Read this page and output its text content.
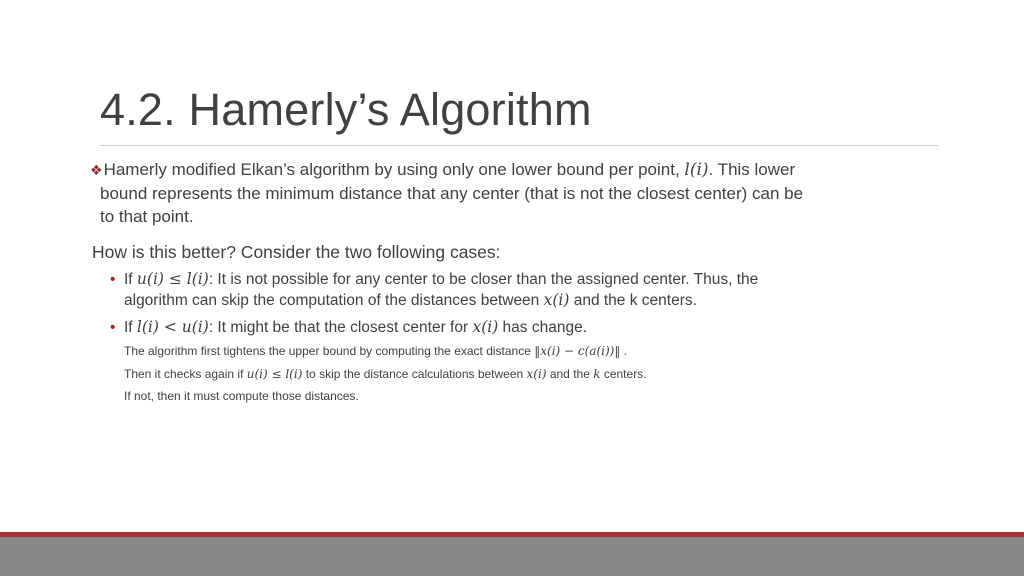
4.2. Hamerly’s Algorithm
❖Hamerly modified Elkan’s algorithm by using only one lower bound per point, l(i). This lower
bound represents the minimum distance that any center (that is not the closest center) can be
to that point.
How is this better? Consider the two following cases:
• If u(i) ≤ l(i): It is not possible for any center to be closer than the assigned center. Thus, the
algorithm can skip the computation of the distances between x(i) and the k centers.
• If l(i) < u(i): It might be that the closest center for x(i) has change.
The algorithm first tightens the upper bound by computing the exact distance ‖x(i) − c(a(i))‖ .
Then it checks again if u(i) ≤ l(i) to skip the distance calculations between x(i) and the k centers.
If not, then it must compute those distances.
